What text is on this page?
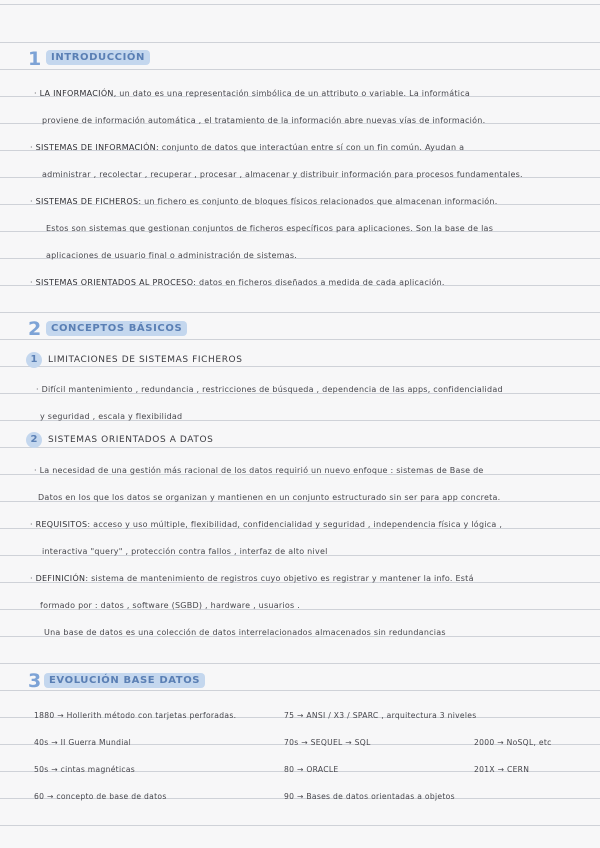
1 INTRODUCCIÓN
· LA INFORMACIÓN, un dato es una representación simbólica de un attributo o variable. La informática
proviene de información automática , el tratamiento de la información abre nuevas vías de información.
· SISTEMAS DE INFORMACIÓN: conjunto de datos que interactúan entre sí con un fin común. Ayudan a
administrar , recolectar , recuperar , procesar , almacenar y distribuir información para procesos fundamentales.
· SISTEMAS DE FICHEROS: un fichero es conjunto de bloques físicos relacionados que almacenan información.
Estos son sistemas que gestionan conjuntos de ficheros específicos para aplicaciones. Son la base de las
aplicaciones de usuario final o administración de sistemas.
· SISTEMAS ORIENTADOS AL PROCESO: datos en ficheros diseñados a medida de cada aplicación.
2 CONCEPTOS BÁSICOS
1	LIMITACIONES DE SISTEMAS FICHEROS
· Difícil mantenimiento , redundancia , restricciones de búsqueda , dependencia de las apps, confidencialidad
y seguridad , escala y flexibilidad
2	SISTEMAS ORIENTADOS A DATOS
· La necesidad de una gestión más racional de los datos requirió un nuevo enfoque : sistemas de Base de
Datos en los que los datos se organizan y mantienen en un conjunto estructurado sin ser para app concreta.
· REQUISITOS: acceso y uso múltiple, flexibilidad, confidencialidad y seguridad , independencia física y lógica ,
interactiva "query" , protección contra fallos , interfaz de alto nivel
· DEFINICIÓN: sistema de mantenimiento de registros cuyo objetivo es registrar y mantener la info. Está
formado por : datos , software (SGBD) , hardware , usuarios .
Una base de datos es una colección de datos interrelacionados almacenados sin redundancias
3 EVOLUCIÓN BASE DATOS
1880 → Hollerith método con tarjetas perforadas.
40s → II Guerra Mundial
50s → cintas magnéticas
60 → concepto de base de datos
75 → ANSI / X3 / SPARC , arquitectura 3 niveles
70s → SEQUEL → SQL
80 → ORACLE
90 → Bases de datos orientadas a objetos
2000 → NoSQL, etc
201X → CERN
